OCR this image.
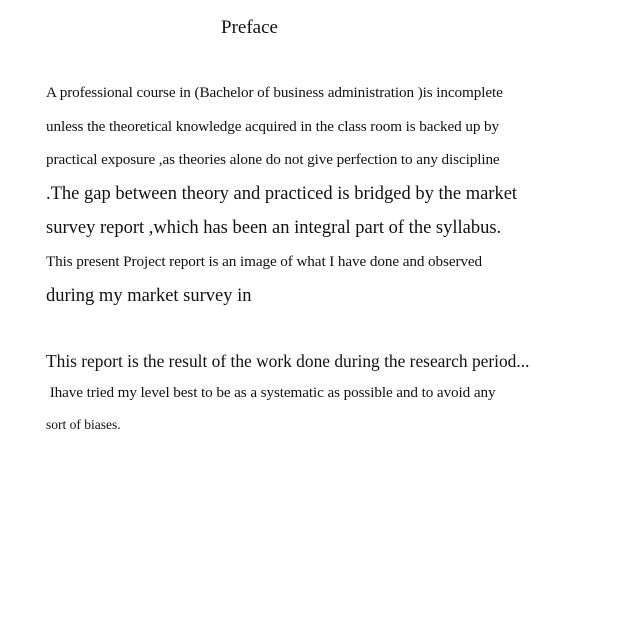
Preface
A professional course in (Bachelor of business administration )is incomplete
unless the theoretical knowledge acquired in the class room is backed up by
practical exposure ,as theories alone do not give perfection to any discipline
.The gap between theory and practiced is bridged by the market
survey report ,which has been an integral part of the syllabus.
This present Project report is an image of what I have done and observed
during my market survey in
This report is the result of the work done during the research period...
Ihave tried my level best to be as a systematic as possible and to avoid any
sort of biases.
